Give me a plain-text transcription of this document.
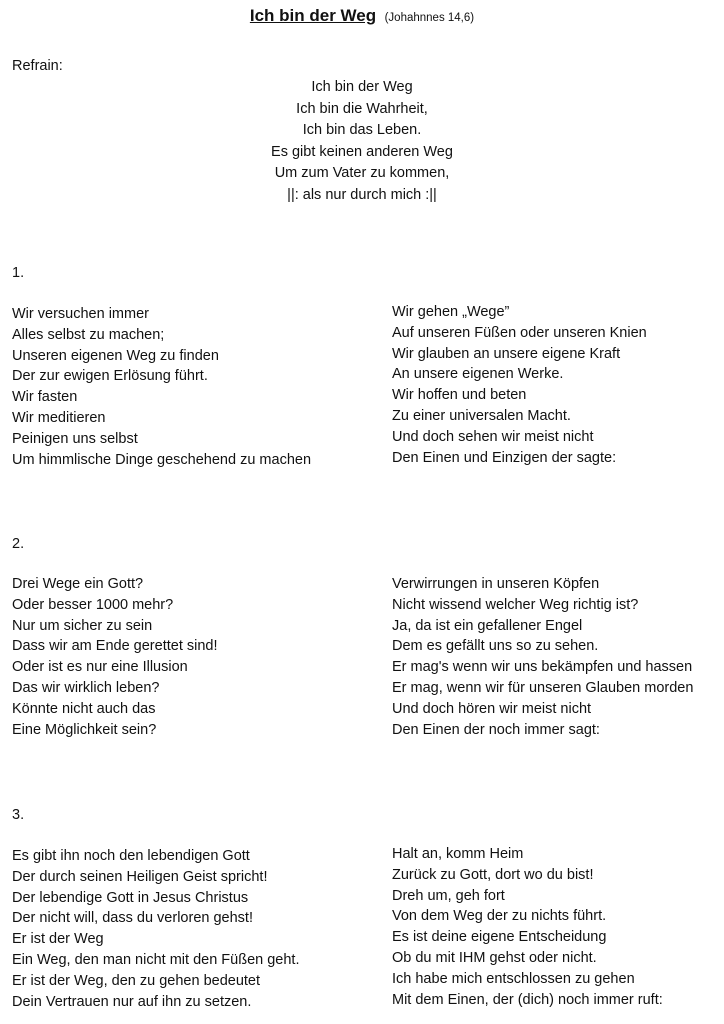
Ich bin der Weg (Johahnnes 14,6)
Refrain:
Ich bin der Weg
Ich bin die Wahrheit,
Ich bin das Leben.
Es gibt keinen anderen Weg
Um zum Vater zu kommen,
||: als nur durch mich :||
1.
Wir versuchen immer
Alles selbst zu machen;
Unseren eigenen Weg zu finden
Der zur ewigen Erlösung führt.
Wir fasten
Wir meditieren
Peinigen uns selbst
Um himmlische Dinge geschehend zu machen
Wir gehen „Wege”
Auf unseren Füßen oder unseren Knien
Wir glauben an unsere eigene Kraft
An unsere eigenen Werke.
Wir hoffen und beten
Zu einer universalen Macht.
Und doch sehen wir meist nicht
Den Einen und Einzigen der sagte:
2.
Drei Wege ein Gott?
Oder besser 1000 mehr?
Nur um sicher zu sein
Dass wir am Ende gerettet sind!
Oder ist es nur eine Illusion
Das wir wirklich leben?
Könnte nicht auch das
Eine Möglichkeit sein?
Verwirrungen in unseren Köpfen
Nicht wissend welcher Weg richtig ist?
Ja, da ist ein gefallener Engel
Dem es gefällt uns so zu sehen.
Er mag's wenn wir uns bekämpfen und hassen
Er mag, wenn wir für unseren Glauben morden
Und doch hören wir meist nicht
Den Einen der noch immer sagt:
3.
Es gibt ihn noch den lebendigen Gott
Der durch seinen Heiligen Geist spricht!
Der lebendige Gott in Jesus Christus
Der nicht will, dass du verloren gehst!
Er ist der Weg
Ein Weg, den man nicht mit den Füßen geht.
Er ist der Weg, den zu gehen bedeutet
Dein Vertrauen nur auf ihn zu setzen.
Halt an, komm Heim
Zurück zu Gott, dort wo du bist!
Dreh um, geh fort
Von dem Weg der zu nichts führt.
Es ist deine eigene Entscheidung
Ob du mit IHM gehst oder nicht.
Ich habe mich entschlossen zu gehen
Mit dem Einen, der (dich) noch immer ruft:
